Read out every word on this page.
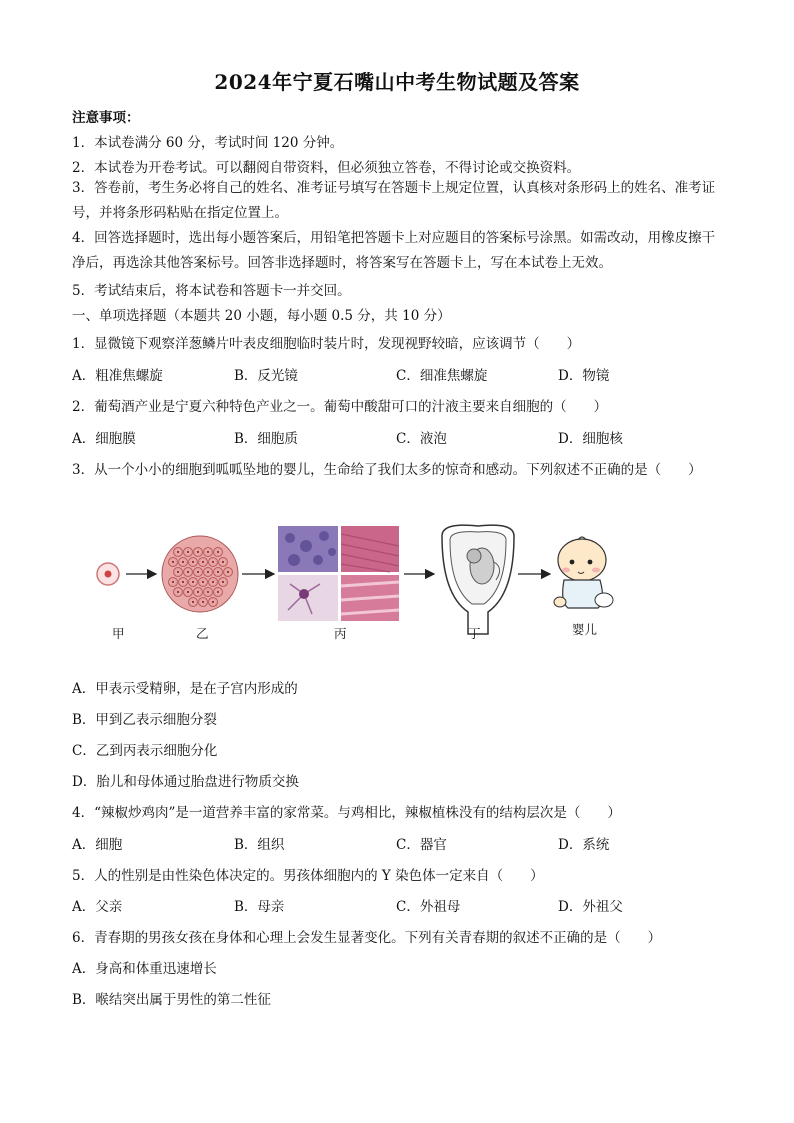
2024年宁夏石嘴山中考生物试题及答案
注意事项：
1．本试卷满分 60 分，考试时间 120 分钟。
2．本试卷为开卷考试。可以翻阅自带资料，但必须独立答卷，不得讨论或交换资料。
3．答卷前，考生务必将自己的姓名、准考证号填写在答题卡上规定位置，认真核对条形码上的姓名、准考证号，并将条形码粘贴在指定位置上。
4．回答选择题时，选出每小题答案后，用铅笔把答题卡上对应题目的答案标号涂黑。如需改动，用橡皮擦干净后，再选涂其他答案标号。回答非选择题时，将答案写在答题卡上，写在本试卷上无效。
5．考试结束后，将本试卷和答题卡一并交回。
一、单项选择题（本题共 20 小题，每小题 0.5 分，共 10 分）
1．显微镜下观察洋葱鳞片叶表皮细胞临时装片时，发现视野较暗，应该调节（　　）
A．粗准焦螺旋	B．反光镜	C．细准焦螺旋	D．物镜
2．葡萄酒产业是宁夏六种特色产业之一。葡萄中酸甜可口的汁液主要来自细胞的（　　）
A．细胞膜	B．细胞质	C．液泡	D．细胞核
3．从一个小小的细胞到呱呱坠地的婴儿，生命给了我们太多的惊奇和感动。下列叙述不正确的是（　　）
甲	乙	丙	丁	婴儿
A．甲表示受精卵，是在子宫内形成的
B．甲到乙表示细胞分裂
C．乙到丙表示细胞分化
D．胎儿和母体通过胎盘进行物质交换
4．“辣椒炒鸡肉”是一道营养丰富的家常菜。与鸡相比，辣椒植株没有的结构层次是（　　）
A．细胞	B．组织	C．器官	D．系统
5．人的性别是由性染色体决定的。男孩体细胞内的 Y 染色体一定来自（　　）
A．父亲	B．母亲	C．外祖母	D．外祖父
6．青春期的男孩女孩在身体和心理上会发生显著变化。下列有关青春期的叙述不正确的是（　　）
A．身高和体重迅速增长
B．喉结突出属于男性的第二性征
